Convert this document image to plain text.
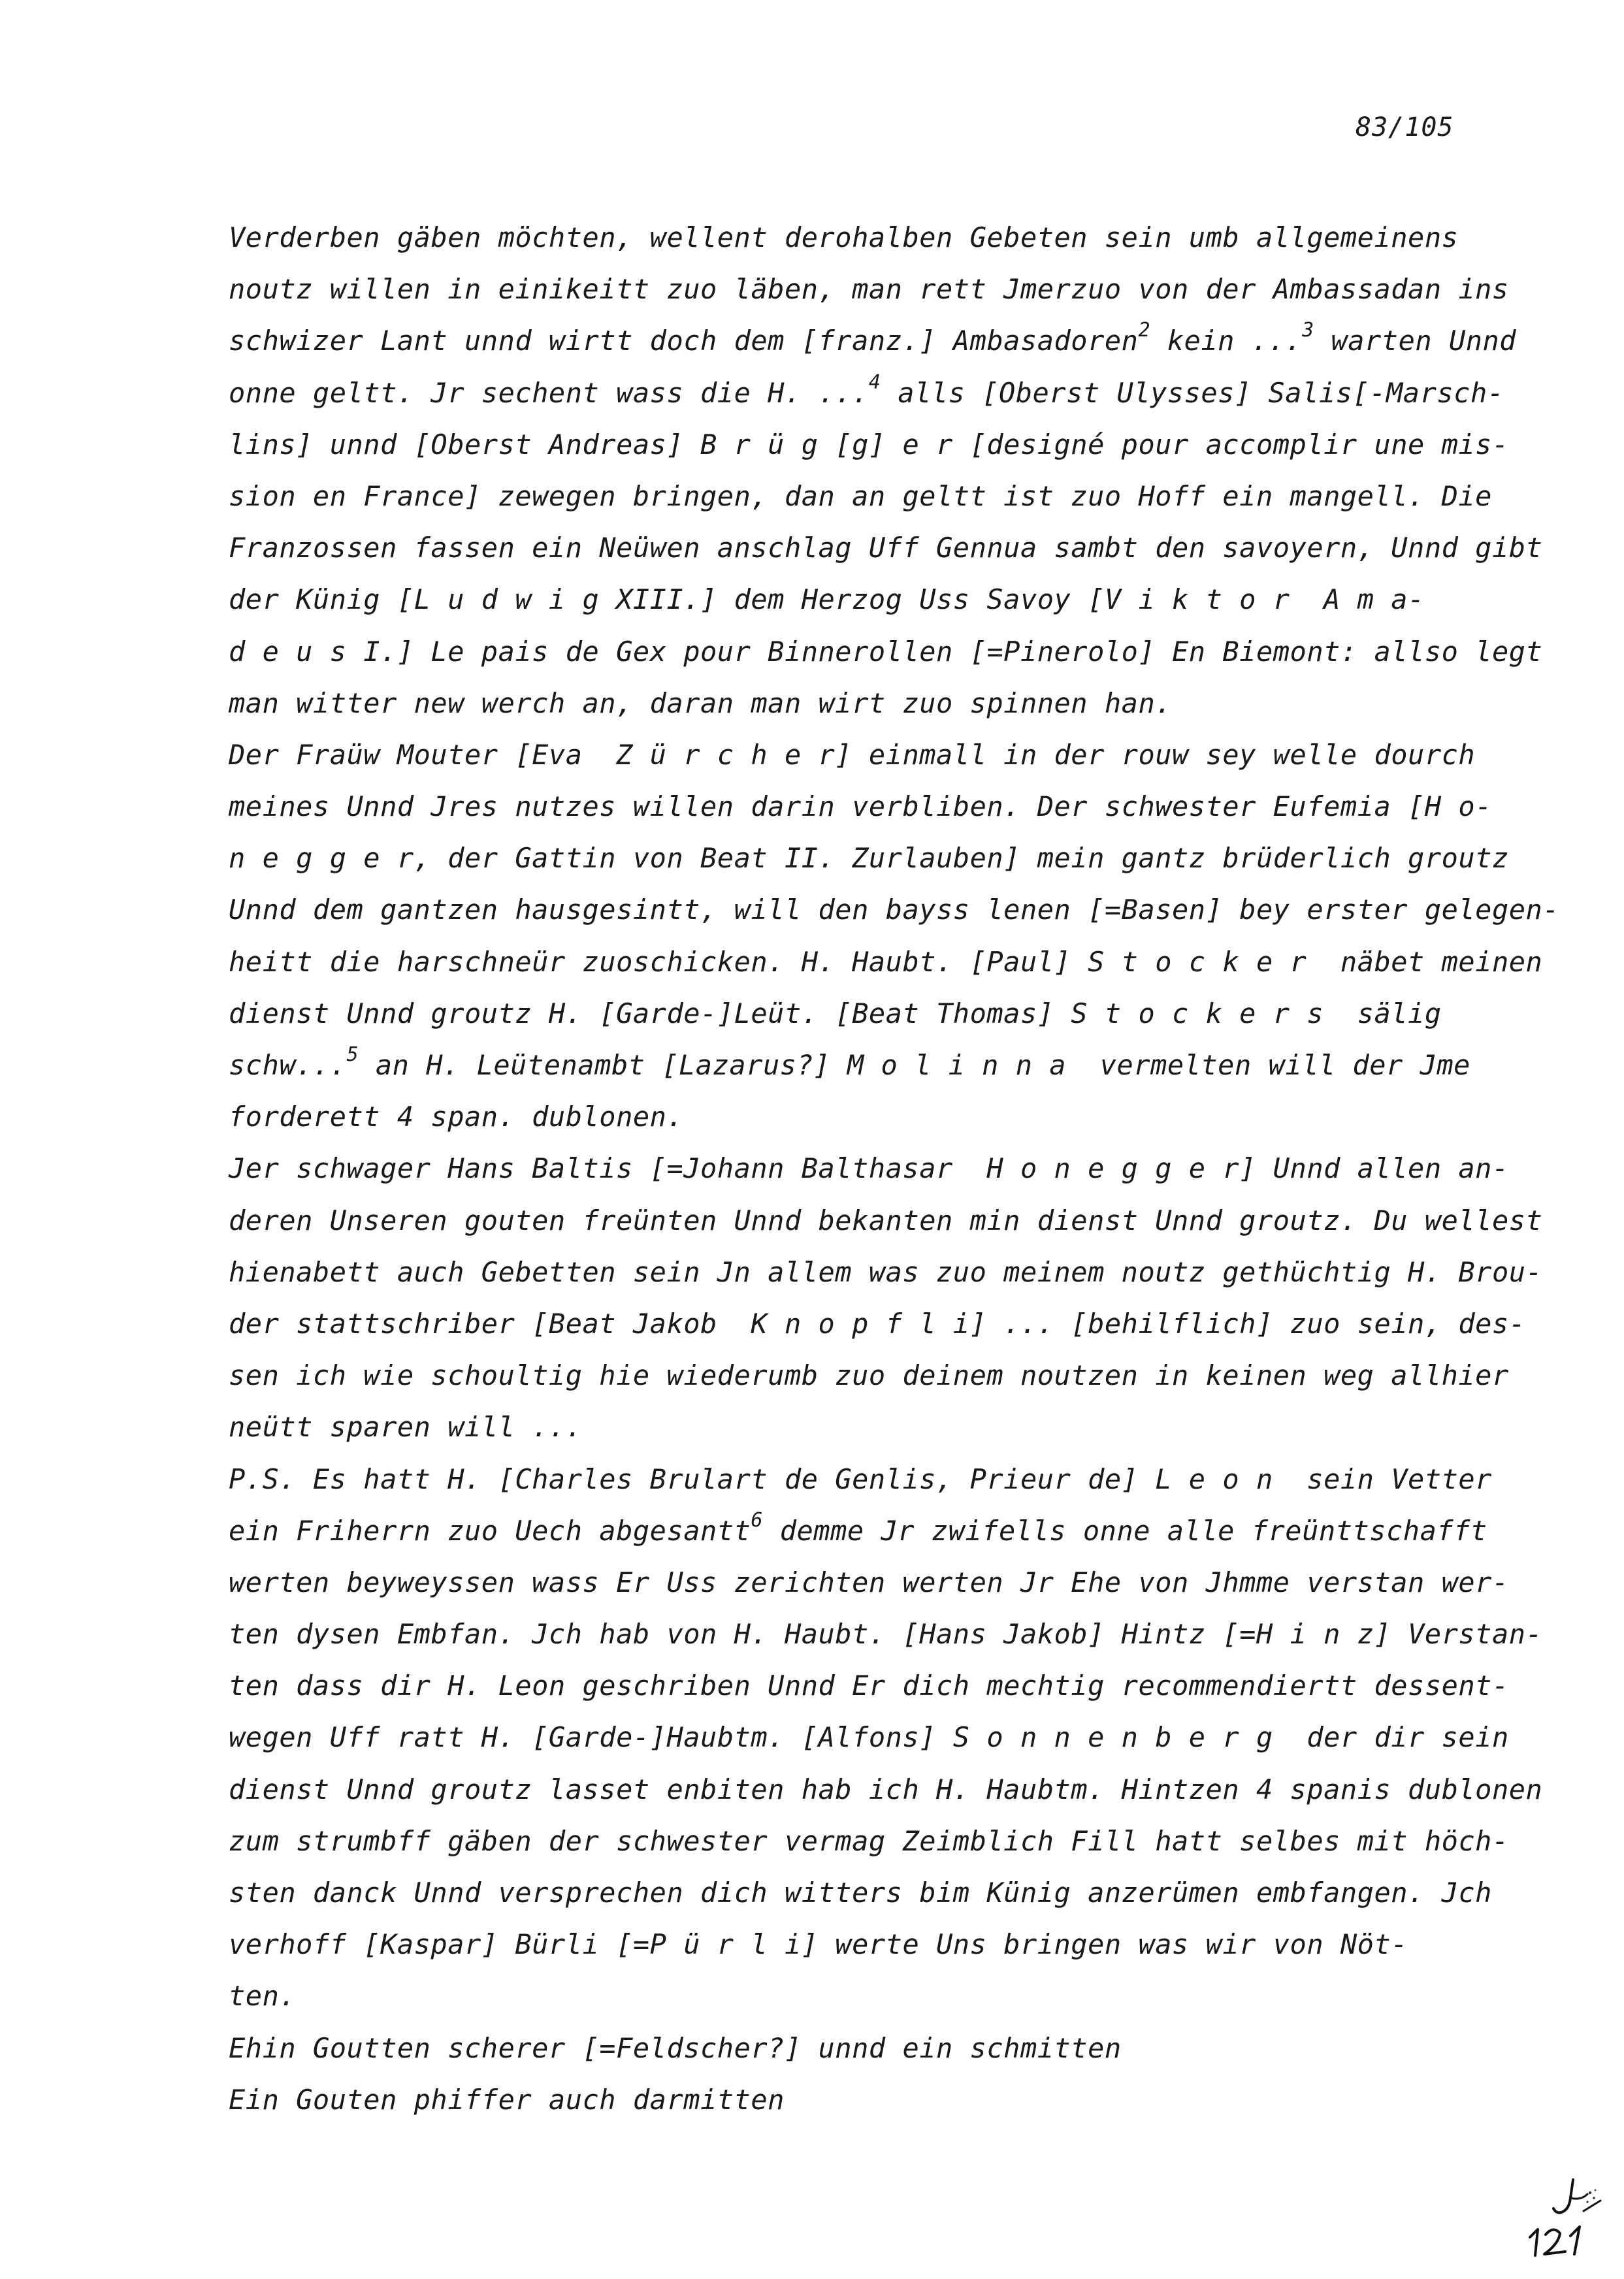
83/105
Verderben gäben möchten, wellent derohalben Gebeten sein umb allgemeinens
noutz willen in einikeitt zuo läben, man rett Jmerzuo von der Ambassadan ins
schwizer Lant unnd wirtt doch dem [franz.] Ambasadoren$^2$ kein ...$^3$ warten Unnd
onne geltt. Jr sechent wass die H. ...$^4$ alls [Oberst Ulysses] Salis[-Marsch-
lins] unnd [Oberst Andreas] B r ü g [g] e r [designé pour accomplir une mis-
sion en France] zewegen bringen, dan an geltt ist zuo Hoff ein mangell. Die
Franzossen fassen ein Neüwen anschlag Uff Gennua sambt den savoyern, Unnd gibt
der Künig [L u d w i g XIII.] dem Herzog Uss Savoy [V i k t o r  A m a-
d e u s I.] Le pais de Gex pour Binnerollen [=Pinerolo] En Biemont: allso legt
man witter new werch an, daran man wirt zuo spinnen han.
Der Fraüw Mouter [Eva  Z ü r c h e r] einmall in der rouw sey welle dourch
meines Unnd Jres nutzes willen darin verbliben. Der schwester Eufemia [H o-
n e g g e r, der Gattin von Beat II. Zurlauben] mein gantz brüderlich groutz
Unnd dem gantzen hausgesintt, will den bayss lenen [=Basen] bey erster gelegen-
heitt die harschneür zuoschicken. H. Haubt. [Paul] S t o c k e r  näbet meinen
dienst Unnd groutz H. [Garde-]Leüt. [Beat Thomas] S t o c k e r s  sälig
schw...$^5$ an H. Leütenambt [Lazarus?] M o l i n n a  vermelten will der Jme
forderett 4 span. dublonen.
Jer schwager Hans Baltis [=Johann Balthasar  H o n e g g e r] Unnd allen an-
deren Unseren gouten freünten Unnd bekanten min dienst Unnd groutz. Du wellest
hienabett auch Gebetten sein Jn allem was zuo meinem noutz gethüchtig H. Brou-
der stattschriber [Beat Jakob  K n o p f l i] ... [behilflich] zuo sein, des-
sen ich wie schoultig hie wiederumb zuo deinem noutzen in keinen weg allhier
neütt sparen will ...
P.S. Es hatt H. [Charles Brulart de Genlis, Prieur de] L e o n  sein Vetter
ein Friherrn zuo Uech abgesantt$^6$ demme Jr zwifells onne alle freünttschafft
werten beyweyssen wass Er Uss zerichten werten Jr Ehe von Jhmme verstan wer-
ten dysen Embfan. Jch hab von H. Haubt. [Hans Jakob] Hintz [=H i n z] Verstan-
ten dass dir H. Leon geschriben Unnd Er dich mechtig recommendiertt dessent-
wegen Uff ratt H. [Garde-]Haubtm. [Alfons] S o n n e n b e r g  der dir sein
dienst Unnd groutz lasset enbiten hab ich H. Haubtm. Hintzen 4 spanis dublonen
zum strumbff gäben der schwester vermag Zeimblich Fill hatt selbes mit höch-
sten danck Unnd versprechen dich witters bim Künig anzerümen embfangen. Jch
verhoff [Kaspar] Bürli [=P ü r l i] werte Uns bringen was wir von Nöt-
ten.
Ehin Goutten scherer [=Feldscher?] unnd ein schmitten
Ein Gouten phiffer auch darmitten
